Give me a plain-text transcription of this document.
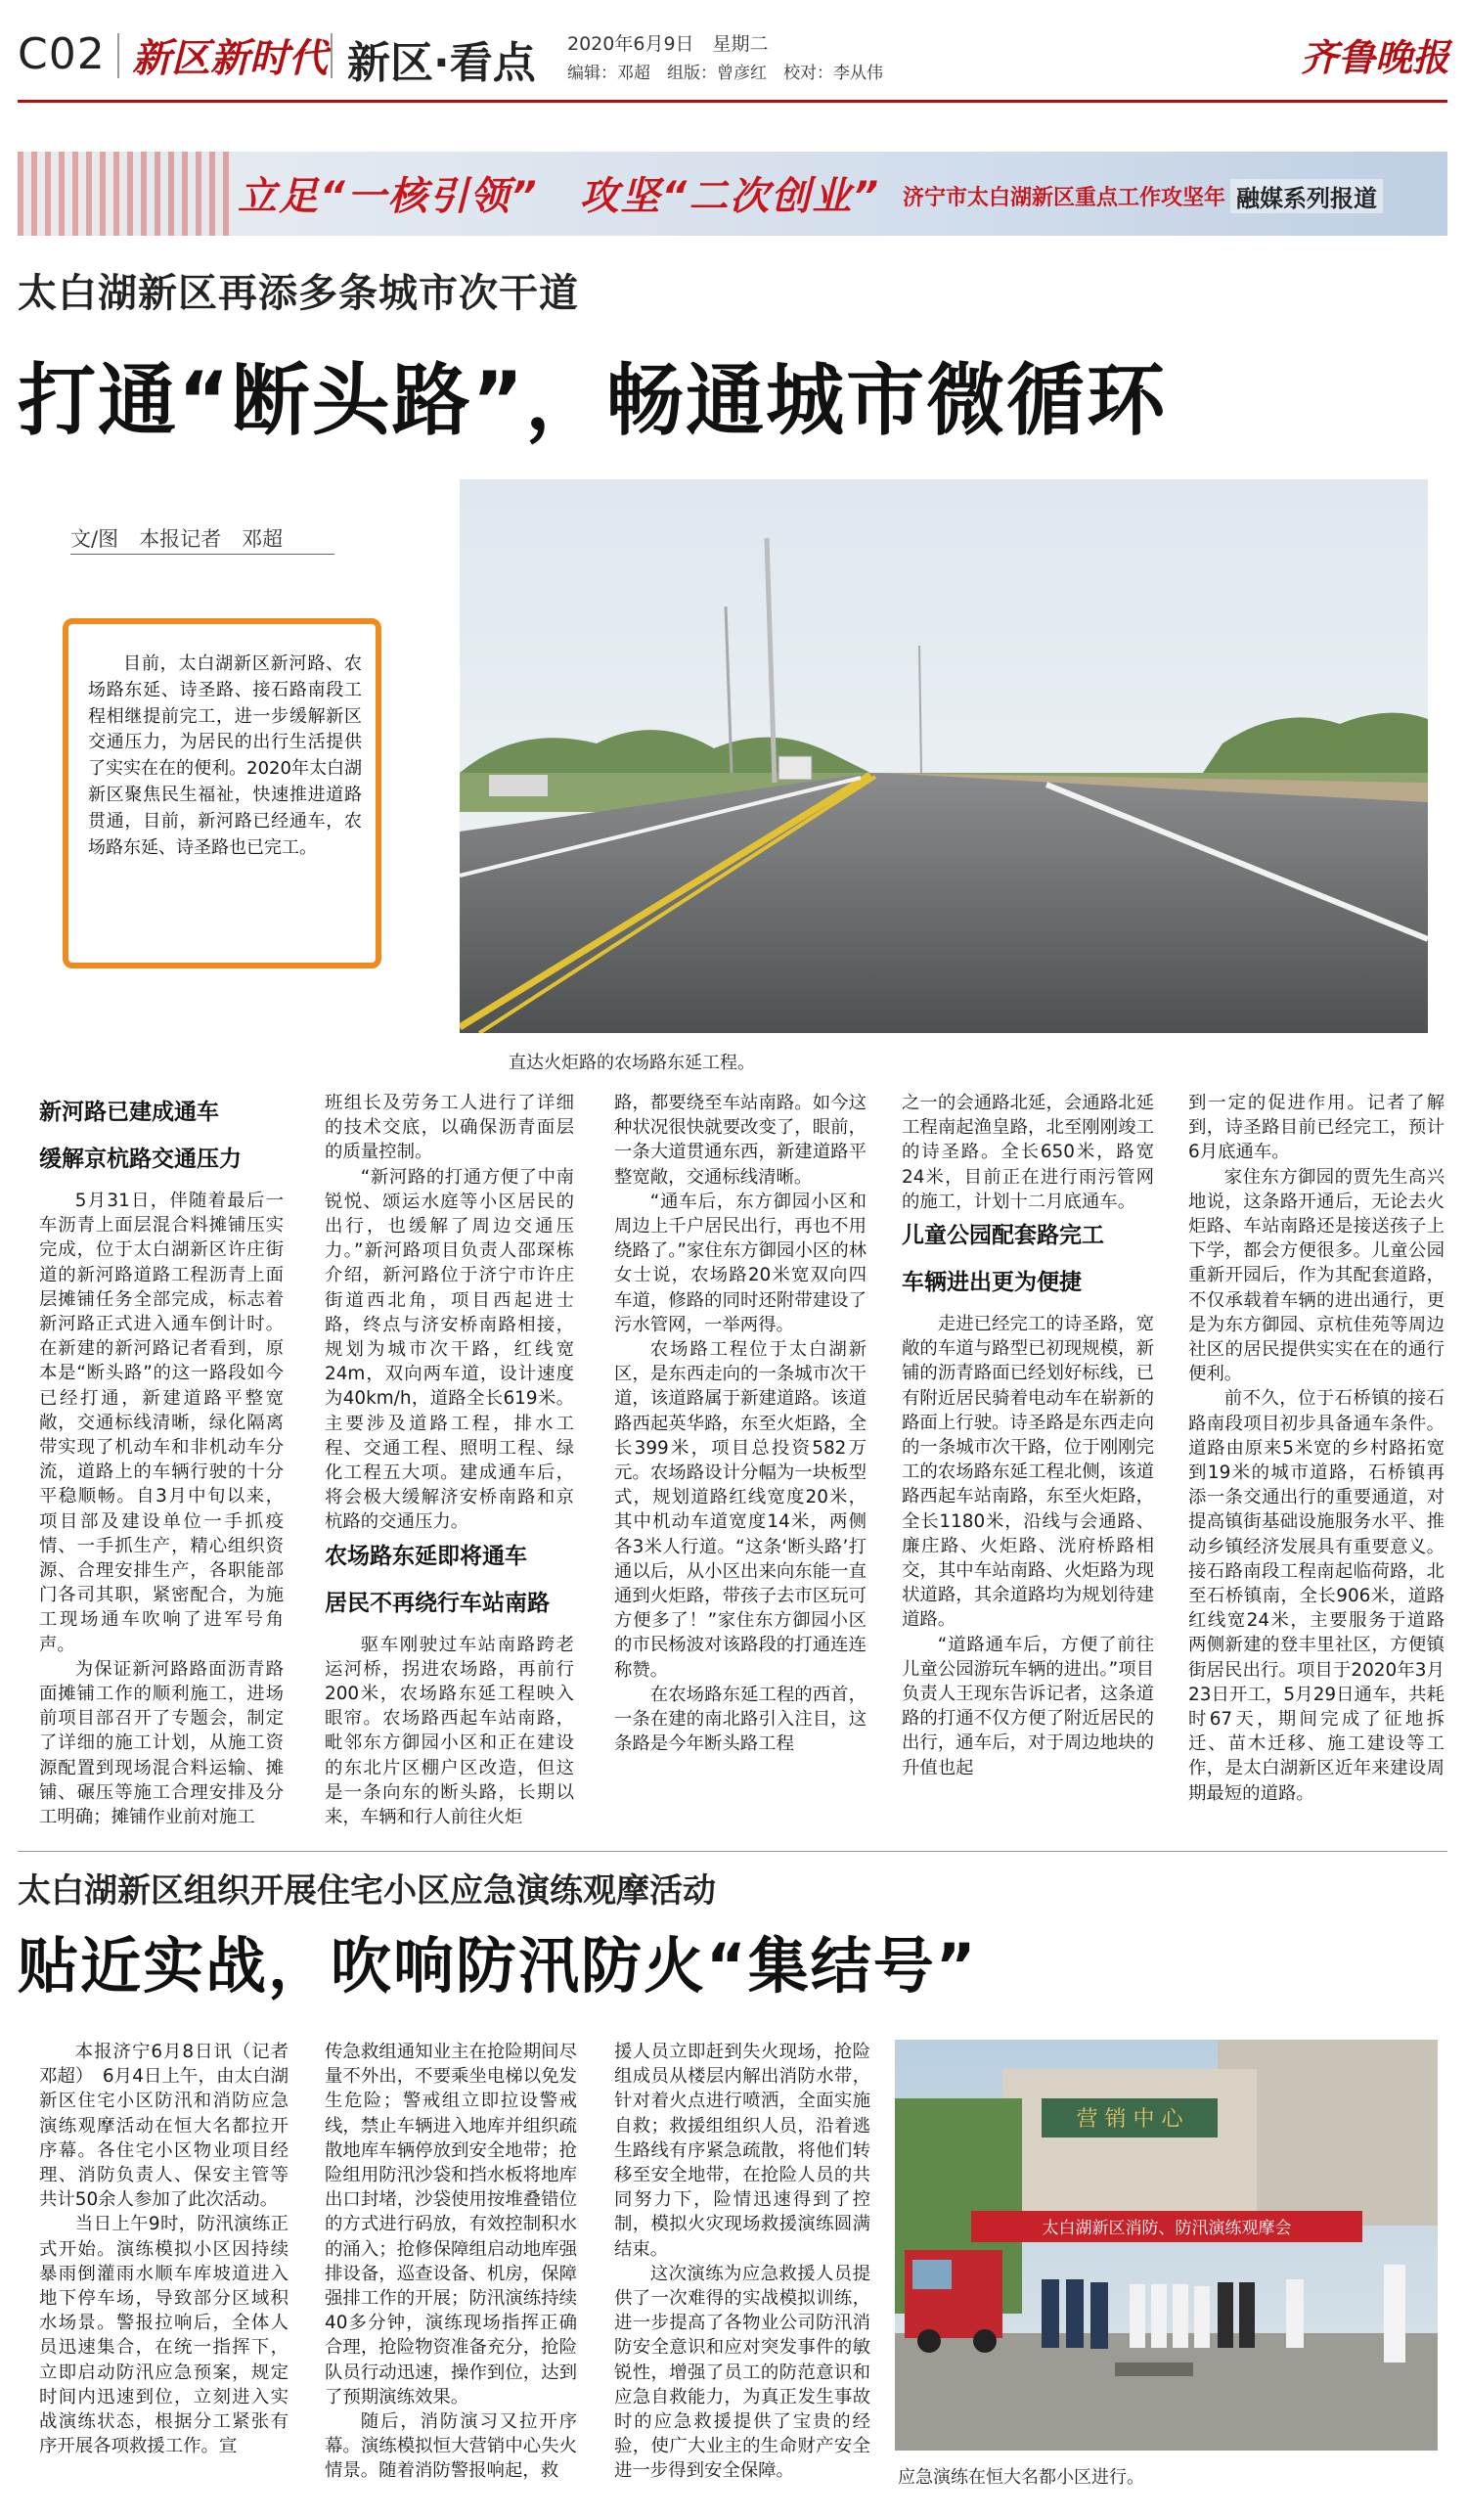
C02 新区新时代 新区·看点 2020年6月9日　星期二
编辑：邓超　组版：曾彦红　校对：李从伟	齐鲁晚报
立足“一核引领”　攻坚“二次创业” 济宁市太白湖新区重点工作攻坚年 融媒系列报道
太白湖新区再添多条城市次干道
打通“断头路”，畅通城市微循环
文/图　本报记者　邓超
目前，太白湖新区新河路、农场路东延、诗圣路、接石路南段工程相继提前完工，进一步缓解新区交通压力，为居民的出行生活提供了实实在在的便利。2020年太白湖新区聚焦民生福祉，快速推进道路贯通，目前，新河路已经通车，农场路东延、诗圣路也已完工。
直达火炬路的农场路东延工程。

新河路已建成通车

缓解京杭路交通压力

5月31日，伴随着最后一车沥青上面层混合料摊铺压实完成，位于太白湖新区许庄街道的新河路道路工程沥青上面层摊铺任务全部完成，标志着新河路正式进入通车倒计时。在新建的新河路记者看到，原本是“断头路”的这一路段如今已经打通，新建道路平整宽敞，交通标线清晰，绿化隔离带实现了机动车和非机动车分流，道路上的车辆行驶的十分平稳顺畅。自3月中旬以来，项目部及建设单位一手抓疫情、一手抓生产，精心组织资源、合理安排生产，各职能部门各司其职，紧密配合，为施工现场通车吹响了进军号角声。

为保证新河路路面沥青路面摊铺工作的顺利施工，进场前项目部召开了专题会，制定了详细的施工计划，从施工资源配置到现场混合料运输、摊铺、碾压等施工合理安排及分工明确；摊铺作业前对施工

班组长及劳务工人进行了详细的技术交底，以确保沥青面层的质量控制。

“新河路的打通方便了中南锐悦、颂运水庭等小区居民的出行，也缓解了周边交通压力。”新河路项目负责人邵琛栋介绍，新河路位于济宁市许庄街道西北角，项目西起进士路，终点与济安桥南路相接，规划为城市次干路，红线宽24m，双向两车道，设计速度为40km/h，道路全长619米。主要涉及道路工程，排水工程、交通工程、照明工程、绿化工程五大项。建成通车后，将会极大缓解济安桥南路和京杭路的交通压力。

农场路东延即将通车

居民不再绕行车站南路

驱车刚驶过车站南路跨老运河桥，拐进农场路，再前行200米，农场路东延工程映入眼帘。农场路西起车站南路，毗邻东方御园小区和正在建设的东北片区棚户区改造，但这是一条向东的断头路，长期以来，车辆和行人前往火炬

路，都要绕至车站南路。如今这种状况很快就要改变了，眼前，一条大道贯通东西，新建道路平整宽敞，交通标线清晰。

“通车后，东方御园小区和周边上千户居民出行，再也不用绕路了。”家住东方御园小区的林女士说，农场路20米宽双向四车道，修路的同时还附带建设了污水管网，一举两得。

农场路工程位于太白湖新区，是东西走向的一条城市次干道，该道路属于新建道路。该道路西起英华路，东至火炬路，全长399米，项目总投资582万元。农场路设计分幅为一块板型式，规划道路红线宽度20米，其中机动车道宽度14米，两侧各3米人行道。“这条‘断头路’打通以后，从小区出来向东能一直通到火炬路，带孩子去市区玩可方便多了！”家住东方御园小区的市民杨波对该路段的打通连连称赞。

在农场路东延工程的西首，一条在建的南北路引入注目，这条路是今年断头路工程

之一的会通路北延，会通路北延工程南起渔皇路，北至刚刚竣工的诗圣路。全长650米，路宽24米，目前正在进行雨污管网的施工，计划十二月底通车。

儿童公园配套路完工

车辆进出更为便捷

走进已经完工的诗圣路，宽敞的车道与路型已初现规模，新铺的沥青路面已经划好标线，已有附近居民骑着电动车在崭新的路面上行驶。诗圣路是东西走向的一条城市次干路，位于刚刚完工的农场路东延工程北侧，该道路西起车站南路，东至火炬路，全长1180米，沿线与会通路、廉庄路、火炬路、洸府桥路相交，其中车站南路、火炬路为现状道路，其余道路均为规划待建道路。

“道路通车后，方便了前往儿童公园游玩车辆的进出。”项目负责人王现东告诉记者，这条道路的打通不仅方便了附近居民的出行，通车后，对于周边地块的升值也起

到一定的促进作用。记者了解到，诗圣路目前已经完工，预计6月底通车。

家住东方御园的贾先生高兴地说，这条路开通后，无论去火炬路、车站南路还是接送孩子上下学，都会方便很多。儿童公园重新开园后，作为其配套道路，不仅承载着车辆的进出通行，更是为东方御园、京杭佳苑等周边社区的居民提供实实在在的通行便利。

前不久，位于石桥镇的接石路南段项目初步具备通车条件。道路由原来5米宽的乡村路拓宽到19米的城市道路，石桥镇再添一条交通出行的重要通道，对提高镇街基础设施服务水平、推动乡镇经济发展具有重要意义。接石路南段工程南起临荷路，北至石桥镇南，全长906米，道路红线宽24米，主要服务于道路两侧新建的登丰里社区，方便镇街居民出行。项目于2020年3月23日开工，5月29日通车，共耗时67天，期间完成了征地拆迁、苗木迁移、施工建设等工作，是太白湖新区近年来建设周期最短的道路。

太白湖新区组织开展住宅小区应急演练观摩活动
贴近实战，吹响防汛防火“集结号”

本报济宁6月8日讯（记者　邓超）　6月4日上午，由太白湖新区住宅小区防汛和消防应急演练观摩活动在恒大名都拉开序幕。各住宅小区物业项目经理、消防负责人、保安主管等共计50余人参加了此次活动。

当日上午9时，防汛演练正式开始。演练模拟小区因持续暴雨倒灌雨水顺车库坡道进入地下停车场，导致部分区域积水场景。警报拉响后，全体人员迅速集合，在统一指挥下，立即启动防汛应急预案，规定时间内迅速到位，立刻进入实战演练状态，根据分工紧张有序开展各项救援工作。宣

传急救组通知业主在抢险期间尽量不外出，不要乘坐电梯以免发生危险；警戒组立即拉设警戒线，禁止车辆进入地库并组织疏散地库车辆停放到安全地带；抢险组用防汛沙袋和挡水板将地库出口封堵，沙袋使用按堆叠错位的方式进行码放，有效控制积水的涌入；抢修保障组启动地库强排设备，巡查设备、机房，保障强排工作的开展；防汛演练持续40多分钟，演练现场指挥正确合理，抢险物资准备充分，抢险队员行动迅速，操作到位，达到了预期演练效果。

随后，消防演习又拉开序幕。演练模拟恒大营销中心失火情景。随着消防警报响起，救

援人员立即赶到失火现场，抢险组成员从楼层内解出消防水带，针对着火点进行喷洒，全面实施自救；救援组组织人员，沿着逃生路线有序紧急疏散，将他们转移至安全地带，在抢险人员的共同努力下，险情迅速得到了控制，模拟火灾现场救援演练圆满结束。

这次演练为应急救援人员提供了一次难得的实战模拟训练，进一步提高了各物业公司防汛消防安全意识和应对突发事件的敏锐性，增强了员工的防范意识和应急自救能力，为真正发生事故时的应急救援提供了宝贵的经验，使广大业主的生命财产安全进一步得到安全保障。

营 销 中 心
太白湖新区消防、防汛演练观摩会
应急演练在恒大名都小区进行。
